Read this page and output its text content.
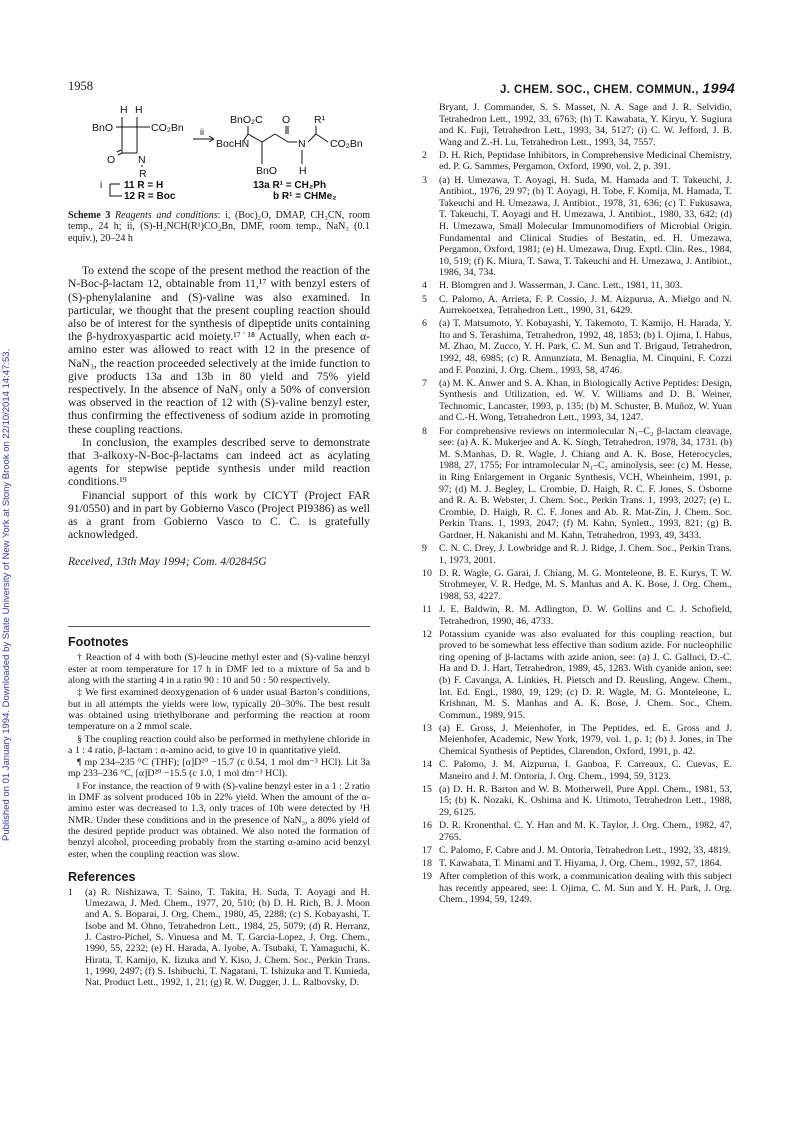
1958	J. CHEM. SOC., CHEM. COMMUN., 1994
Published on 01 January 1994. Downloaded by State University of New York at Stony Brook on 22/10/2014 14:47:53.
BnO
H H
CO₂Bn
O N
R
i 11 R = H
12 R = Boc
ii
BnO₂C O R¹
BocHN	N CO₂Bn
BnO H
13a R¹ = CH₂Ph
b R¹ = CHMe₂

Scheme 3 Reagents and conditions: i, (Boc)₂O, DMAP, CH₃CN, room temp., 24 h; ii, (S)-H₂NCH(R¹)CO₂Bn, DMF, room temp., NaN₃ (0.1 equiv.), 20–24 h

To extend the scope of the present method the reaction of the N-Boc-β-lactam 12, obtainable from 11,¹⁷ with benzyl esters of (S)-phenylalanine and (S)-valine was also examined. In particular, we thought that the present coupling reaction should also be of interest for the synthesis of dipeptide units containing the β-hydroxyaspartic acid moiety.¹⁷˙¹⁸ Actually, when each α-amino ester was allowed to react with 12 in the presence of NaN₃, the reaction proceeded selectively at the imide function to give products 13a and 13b in 80 yield and 75% yield respectively. In the absence of NaN₃ only a 50% of conversion was observed in the reaction of 12 with (S)-valine benzyl ester, thus confirming the effectiveness of sodium azide in promoting these coupling reactions.

In conclusion, the examples described serve to demonstrate that 3-alkoxy-N-Boc-β-lactams can indeed act as acylating agents for stepwise peptide synthesis under mild reaction conditions.¹⁹

Financial support of this work by CICYT (Project FAR 91/0550) and in part by Gobierno Vasco (Project PI9386) as well as a grant from Gobierno Vasco to C. C. is gratefully acknowledged.

Received, 13th May 1994; Com. 4/02845G
Footnotes

† Reaction of 4 with both (S)-leucine methyl ester and (S)-valine benzyl ester at room temperature for 17 h in DMF led to a mixture of 5a and b along with the starting 4 in a ratio 90 : 10 and 50 : 50 respectively.

‡ We first examined deoxygenation of 6 under usual Barton’s conditions, but in all attempts the yields were low, typically 20–30%. The best result was obtained using triethylborane and performing the reaction at room temperature on a 2 mmol scale.

§ The coupling reaction could also be performed in methylene chloride in a 1 : 4 ratio, β-lactam : α-amino acid, to give 10 in quantitative yield.

¶ mp 234–235 °C (THF); [α]D²⁰ −15.7 (c 0.54, 1 mol dm⁻³ HCl). Lit 3a mp 233–236 °C, [α]D²⁰ −15.5 (c 1.0, 1 mol dm⁻³ HCl).

‖ For instance, the reaction of 9 with (S)-valine benzyl ester in a 1 : 2 ratio in DMF as solvent produced 10b in 22% yield. When the amount of the α-amino ester was decreased to 1.3, only traces of 10b were detected by ¹H NMR. Under these conditions and in the presence of NaN₃, a 80% yield of the desired peptide product was obtained. We also noted the formation of benzyl alcohol, proceeding probably from the starting α-amino acid benzyl ester, when the coupling reaction was slow.

References

1 (a) R. Nishizawa, T. Saino, T. Takita, H. Suda, T. Aoyagi and H. Umezawa, J. Med. Chem., 1977, 20, 510; (b) D. H. Rich, B. J. Moon and A. S. Boparai, J. Org. Chem., 1980, 45, 2288; (c) S. Kobayashi, T. Isobe and M. Ohno, Tetrahedron Lett., 1984, 25, 5079; (d) R. Herranz, J. Castro-Pichel, S. Vinuesa and M. T. Garcia-Lopez, J. Org. Chem., 1990, 55, 2232; (e) H. Harada, A. Iyobe, A. Tsubaki, T. Yamaguchi, K. Hirata, T. Kamijo, K. Iizuka and Y. Kiso, J. Chem. Soc., Perkin Trans. 1, 1990, 2497; (f) S. Ishibuchi, T. Nagatani, T. Ishizuka and T. Kunieda, Nat. Product Lett., 1992, 1, 21; (g) R. W. Dugger, J. L. Ralbovsky, D.

Bryant, J. Commander, S. S. Masset, N. A. Sage and J. R. Selvidio, Tetrahedron Lett., 1992, 33, 6763; (h) T. Kawabata, Y. Kiryu, Y. Sugiura and K. Fuji, Tetrahedron Lett., 1993, 34, 5127; (i) C. W. Jefford, J. B. Wang and Z.-H. Lu, Tetrahedron Lett., 1993, 34, 7557.

2 D. H. Rich, Peptidase Inhibitors, in Comprehensive Medicinal Chemistry, ed. P. G. Sammes, Pergamon, Oxford, 1990, vol. 2, p. 391.

3 (a) H. Umezawa, T. Aoyagi, H. Suda, M. Hamada and T. Takeuchi, J. Antibiot., 1976, 29 97; (b) T. Aoyagi, H. Tobe, F. Komija, M. Hamada, T. Takeuchi and H. Umezawa, J. Antibiot., 1978, 31, 636; (c) T. Fukusawa, T. Takeuchi, T. Aoyagi and H. Umezawa, J. Antibiot., 1980, 33, 642; (d) H. Umezawa, Small Molecular Immunomodifiers of Microbial Origin. Fundamental and Clinical Studies of Bestatin, ed. H. Umezawa, Pergamon, Oxford, 1981; (e) H. Umezawa, Drug. Exptl. Clin. Res., 1984, 10, 519; (f) K. Miura, T. Sawa, T. Takeuchi and H. Umezawa, J. Antibiot., 1986, 34, 734.

4 H. Blomgren and J. Wasserman, J. Canc. Lett., 1981, 11, 303.

5 C. Palomo, A. Arrieta, F. P. Cossio, J. M. Aizpurua, A. Mielgo and N. Aurrekoetxea, Tetrahedron Lett., 1990, 31, 6429.

6 (a) T. Matsumoto, Y. Kobayashi, Y. Takemoto, T. Kamijo, H. Harada, Y. Ito and S. Terashima, Tetrahedron, 1992, 48, 1853; (b) I. Ojima, I. Habus, M. Zhao, M. Zucco, Y. H. Park, C. M. Sun and T. Brigaud, Tetrahedron, 1992, 48, 6985; (c) R. Annunziata, M. Benaglia, M. Cinquini, F. Cozzi and F. Ponzini, J. Org. Chem., 1993, 58, 4746.

7 (a) M. K. Anwer and S. A. Khan, in Biologically Active Peptides: Design, Synthesis and Utilization, ed. W. V. Williams and D. B. Weiner, Technomic, Lancaster, 1993, p. 135; (b) M. Schuster, B. Muñoz, W. Yuan and C.-H. Wong, Tetrahedron Lett., 1993, 34, 1247.

8 For comprehensive reviews on intermolecular N₁–C₂ β-lactam cleavage, see: (a) A. K. Mukerjee and A. K. Singh, Tetrahedron, 1978, 34, 1731. (b) M. S.Manhas, D. R. Wagle, J. Chiang and A. K. Bose, Heterocycles, 1988, 27, 1755; For intramolecular N₁–C₂ aminolysis, see: (c) M. Hesse, in Ring Enlargement in Organic Synthesis, VCH, Wheinheim, 1991, p. 97; (d) M. J. Begley, L. Crombie, D. Haigh, R. C. F. Jones, S. Osborne and R. A. B. Webster, J. Chem. Soc., Perkin Trans. 1, 1993, 2027; (e) L. Crombie, D. Haigh, R. C. F. Jones and Ab. R. Mat-Zin, J. Chem. Soc. Perkin Trans. 1, 1993, 2047; (f) M. Kahn, Synlett., 1993, 821; (g) B. Gardner, H. Nakanishi and M. Kahn, Tetrahedron, 1993, 49, 3433.

9 C. N. C. Drey, J. Lowbridge and R. J. Ridge, J. Chem. Soc., Perkin Trans. 1, 1973, 2001.

10 D. R. Wagle, G. Garai, J. Chiang, M. G. Monteleone, B. E. Kurys, T. W. Strohmeyer, V. R. Hedge, M. S. Manhas and A. K. Bose, J. Org. Chem., 1988, 53, 4227.

11 J. E. Baldwin, R. M. Adlington, D. W. Gollins and C. J. Schofield, Tetrahedron, 1990, 46, 4733.

12 Potassium cyanide was also evaluated for this coupling reaction, but proved to be somewhat less effective than sodium azide. For nucleophilic ring opening of β-lactams with azide anion, see: (a) J. C. Galluci, D.-C. Ha and D. J. Hart, Tetrahedron, 1989, 45, 1283. With cyanide anion, see: (b) F. Cavanga, A. Linkies, H. Pietsch and D. Reusling, Angew. Chem., Int. Ed. Engl., 1980, 19, 129; (c) D. R. Wagle, M. G. Monteleone, L. Krishnan, M. S. Manhas and A. K. Bose, J. Chem. Soc., Chem. Commun., 1989, 915.

13 (a) E. Gross, J. Meienhofer, in The Peptides, ed. E. Gross and J. Meienhofer, Academic, New York, 1979, vol. 1, p. 1; (b) J. Jones, in The Chemical Synthesis of Peptides, Clarendon, Oxford, 1991, p. 42.

14 C. Palomo, J. M. Aizpurua, I. Ganboa, F. Carreaux, C. Cuevas, E. Maneiro and J. M. Ontoria, J. Org. Chem., 1994, 59, 3123.

15 (a) D. H. R. Barton and W. B. Motherwell, Pure Appl. Chem., 1981, 53, 15; (b) K. Nozaki, K. Oshima and K. Utimoto, Tetrahedron Lett., 1988, 29, 6125.

16 D. R. Kronenthal. C. Y. Han and M. K. Taylor, J. Org. Chem., 1982, 47, 2765.

17 C. Palomo, F. Cabre and J. M. Ontoria, Tetrahedron Lett., 1992, 33, 4819.

18 T. Kawabata, T. Minami and T. Hiyama, J. Org. Chem., 1992, 57, 1864.

19 After completion of this work, a communication dealing with this subject has recently appeared, see: I. Ojima, C. M. Sun and Y. H. Park, J. Org. Chem., 1994, 59, 1249.
